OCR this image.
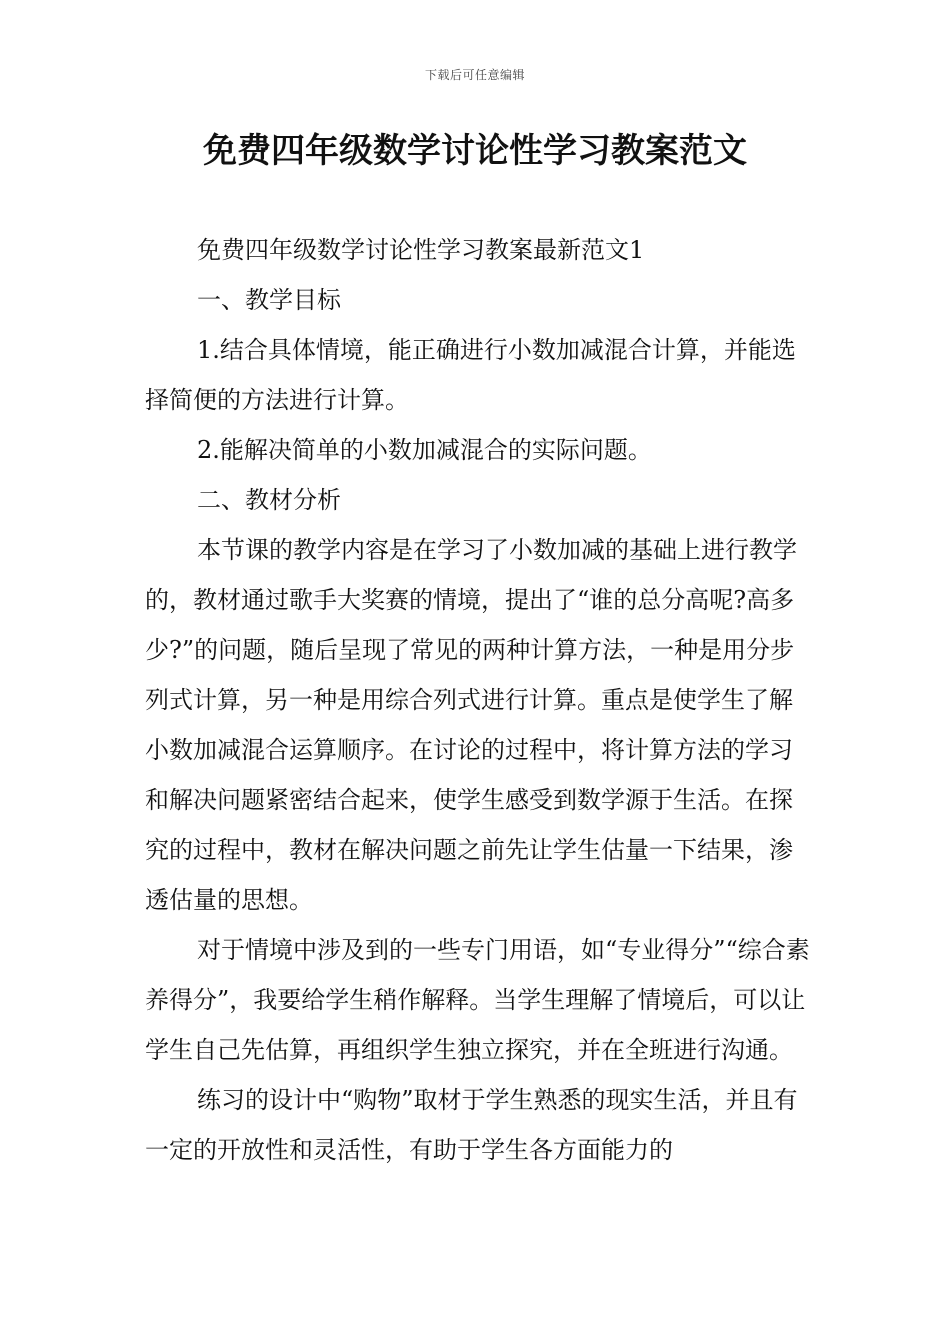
下载后可任意编辑
免费四年级数学讨论性学习教案范文

免费四年级数学讨论性学习教案最新范文1

一、教学目标

1.结合具体情境，能正确进行小数加减混合计算，并能选择简便的方法进行计算。

2.能解决简单的小数加减混合的实际问题。

二、教材分析

本节课的教学内容是在学习了小数加减的基础上进行教学的，教材通过歌手大奖赛的情境，提出了“谁的总分高呢?高多少?”的问题，随后呈现了常见的两种计算方法，一种是用分步列式计算，另一种是用综合列式进行计算。重点是使学生了解小数加减混合运算顺序。在讨论的过程中，将计算方法的学习和解决问题紧密结合起来，使学生感受到数学源于生活。在探究的过程中，教材在解决问题之前先让学生估量一下结果，渗透估量的思想。

对于情境中涉及到的一些专门用语，如“专业得分”“综合素养得分”，我要给学生稍作解释。当学生理解了情境后，可以让学生自己先估算，再组织学生独立探究，并在全班进行沟通。

练习的设计中“购物”取材于学生熟悉的现实生活，并且有一定的开放性和灵活性，有助于学生各方面能力的
